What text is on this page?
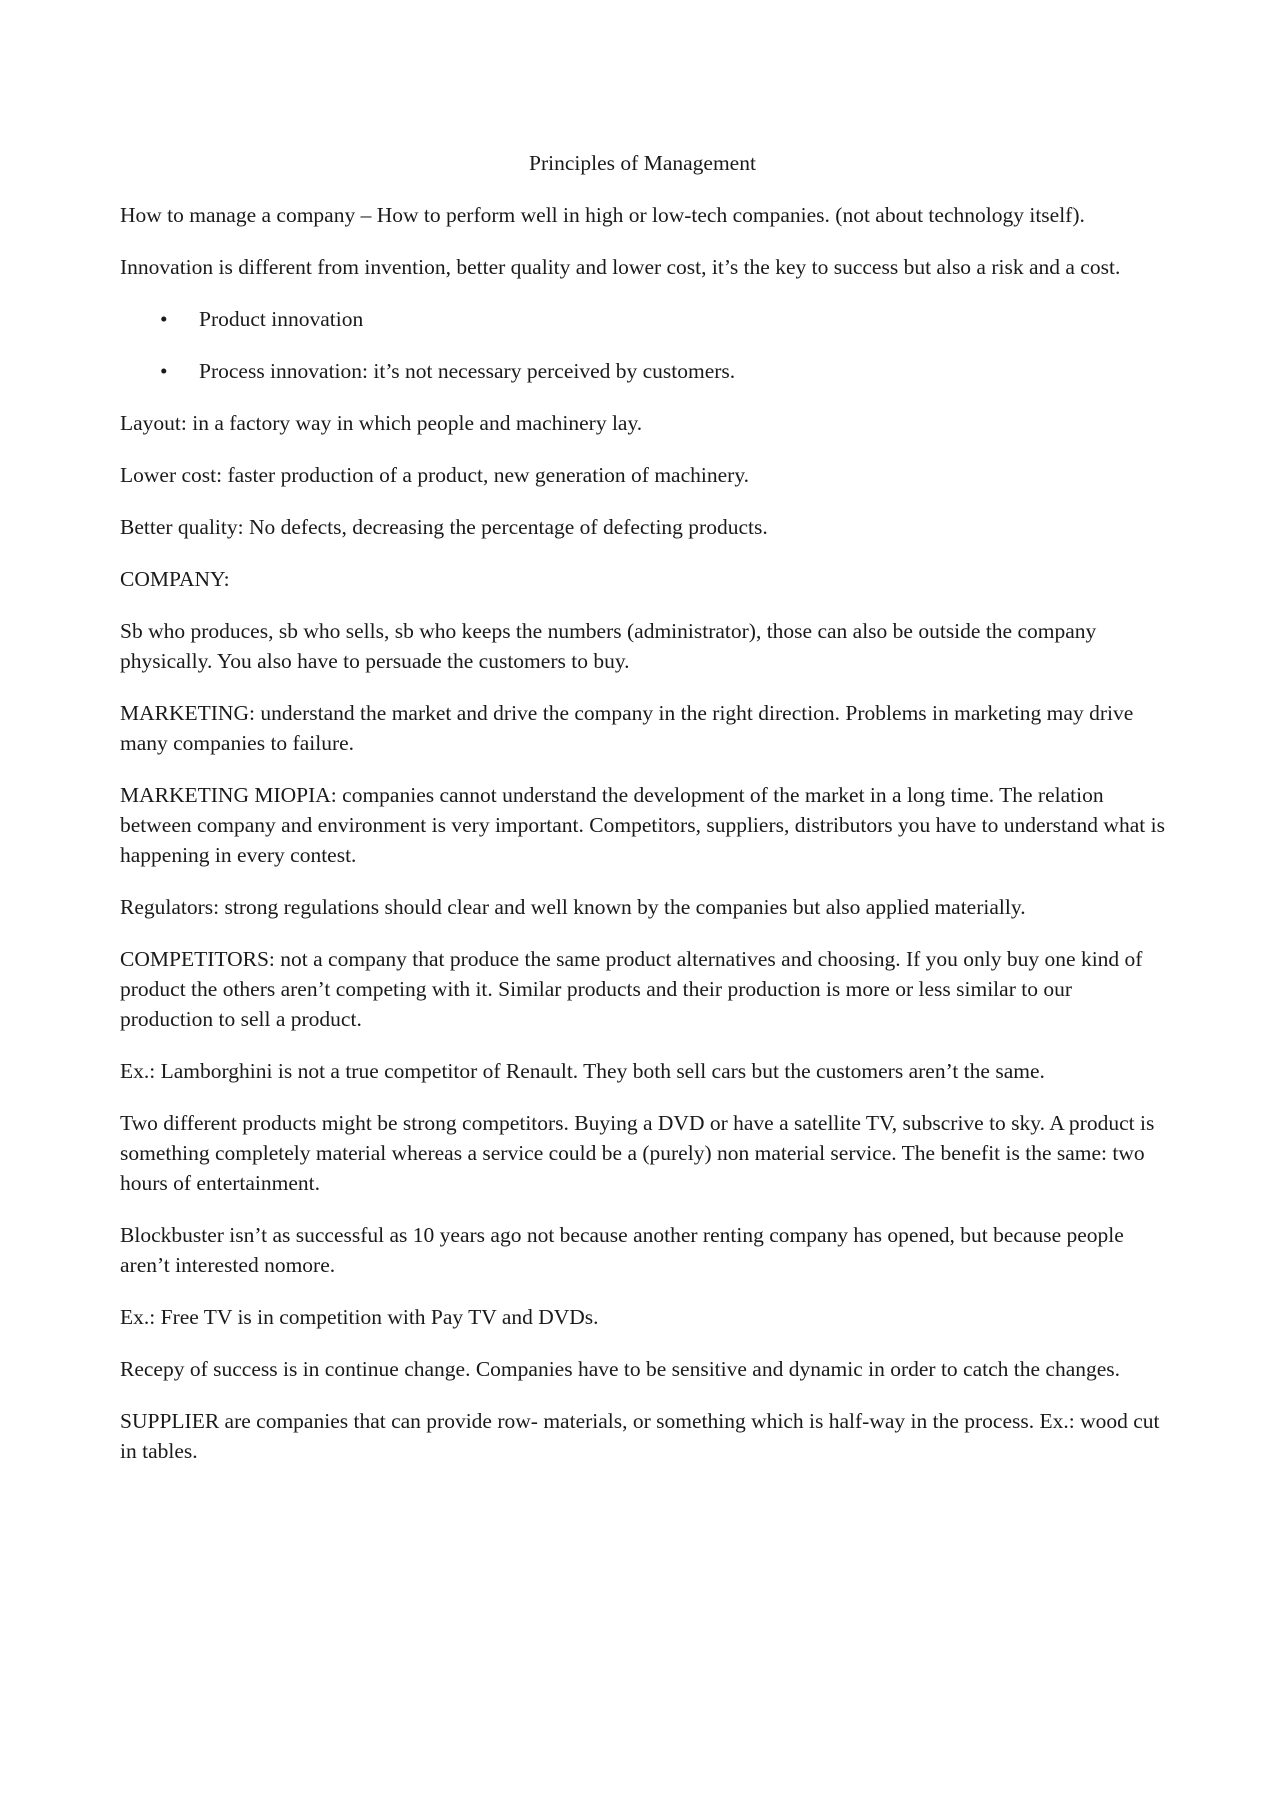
Principles of Management

How to manage a company – How to perform well in high or low-tech companies. (not about technology itself).

Innovation is different from invention, better quality and lower cost, it’s the key to success but also a risk and a cost.

• Product innovation
• Process innovation: it’s not necessary perceived by customers.

Layout: in a factory way in which people and machinery lay.

Lower cost: faster production of a product, new generation of machinery.

Better quality: No defects, decreasing the percentage of defecting products.

COMPANY:

Sb who produces, sb who sells, sb who keeps the numbers (administrator), those can also be outside the company physically. You also have to persuade the customers to buy.

MARKETING: understand the market and drive the company in the right direction. Problems in marketing may drive many companies to failure.

MARKETING MIOPIA: companies cannot understand the development of the market in a long time. The relation between company and environment is very important. Competitors, suppliers, distributors you have to understand what is happening in every contest.

Regulators: strong regulations should clear and well known by the companies but also applied materially.

COMPETITORS: not a company that produce the same product alternatives and choosing. If you only buy one kind of product the others aren’t competing with it. Similar products and their production is more or less similar to our production to sell a product.

Ex.: Lamborghini is not a true competitor of Renault. They both sell cars but the customers aren’t the same.

Two different products might be strong competitors. Buying a DVD or have a satellite TV, subscrive to sky. A product is something completely material whereas a service could be a (purely) non material service. The benefit is the same: two hours of entertainment.

Blockbuster isn’t as successful as 10 years ago not because another renting company has opened, but because people aren’t interested nomore.

Ex.: Free TV is in competition with Pay TV and DVDs.

Recepy of success is in continue change. Companies have to be sensitive and dynamic in order to catch the changes.

SUPPLIER are companies that can provide row- materials, or something which is half-way in the process. Ex.: wood cut in tables.
